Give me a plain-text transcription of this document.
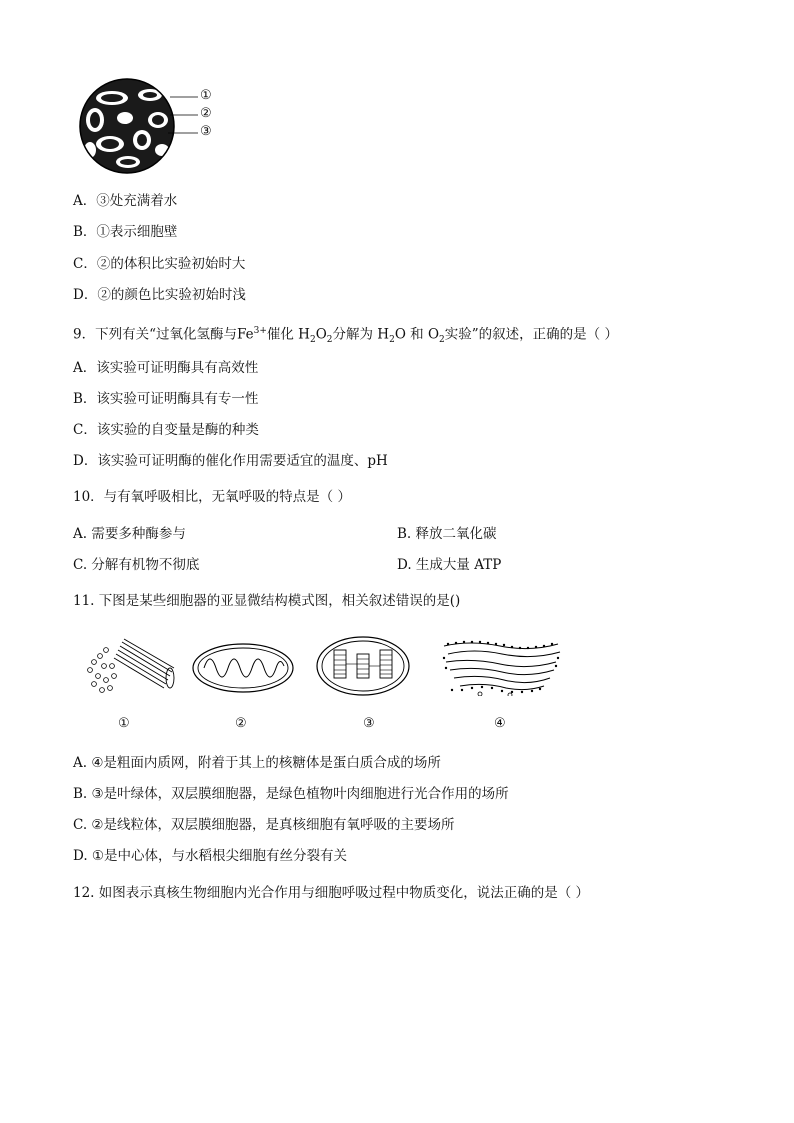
①
②
③
A．③处充满着水
B．①表示细胞壁
C．②的体积比实验初始时大
D．②的颜色比实验初始时浅
9．下列有关“过氧化氢酶与$Fe^{3+}$催化 $H_2O_2$分解为 $H_2O$ 和 $O_2$实验”的叙述，正确的是（ ）
A．该实验可证明酶具有高效性
B．该实验可证明酶具有专一性
C．该实验的自变量是酶的种类
D．该实验可证明酶的催化作用需要适宜的温度、pH
10．与有氧呼吸相比，无氧呼吸的特点是（ ）
A. 需要多种酶参与	B. 释放二氧化碳
C. 分解有机物不彻底	D. 生成大量 ATP
11. 下图是某些细胞器的亚显微结构模式图，相关叙述错误的是()
①	②	③	④
A. ④是粗面内质网，附着于其上的核糖体是蛋白质合成的场所
B. ③是叶绿体，双层膜细胞器，是绿色植物叶肉细胞进行光合作用的场所
C. ②是线粒体，双层膜细胞器，是真核细胞有氧呼吸的主要场所
D. ①是中心体，与水稻根尖细胞有丝分裂有关
12. 如图表示真核生物细胞内光合作用与细胞呼吸过程中物质变化，说法正确的是（ ）
